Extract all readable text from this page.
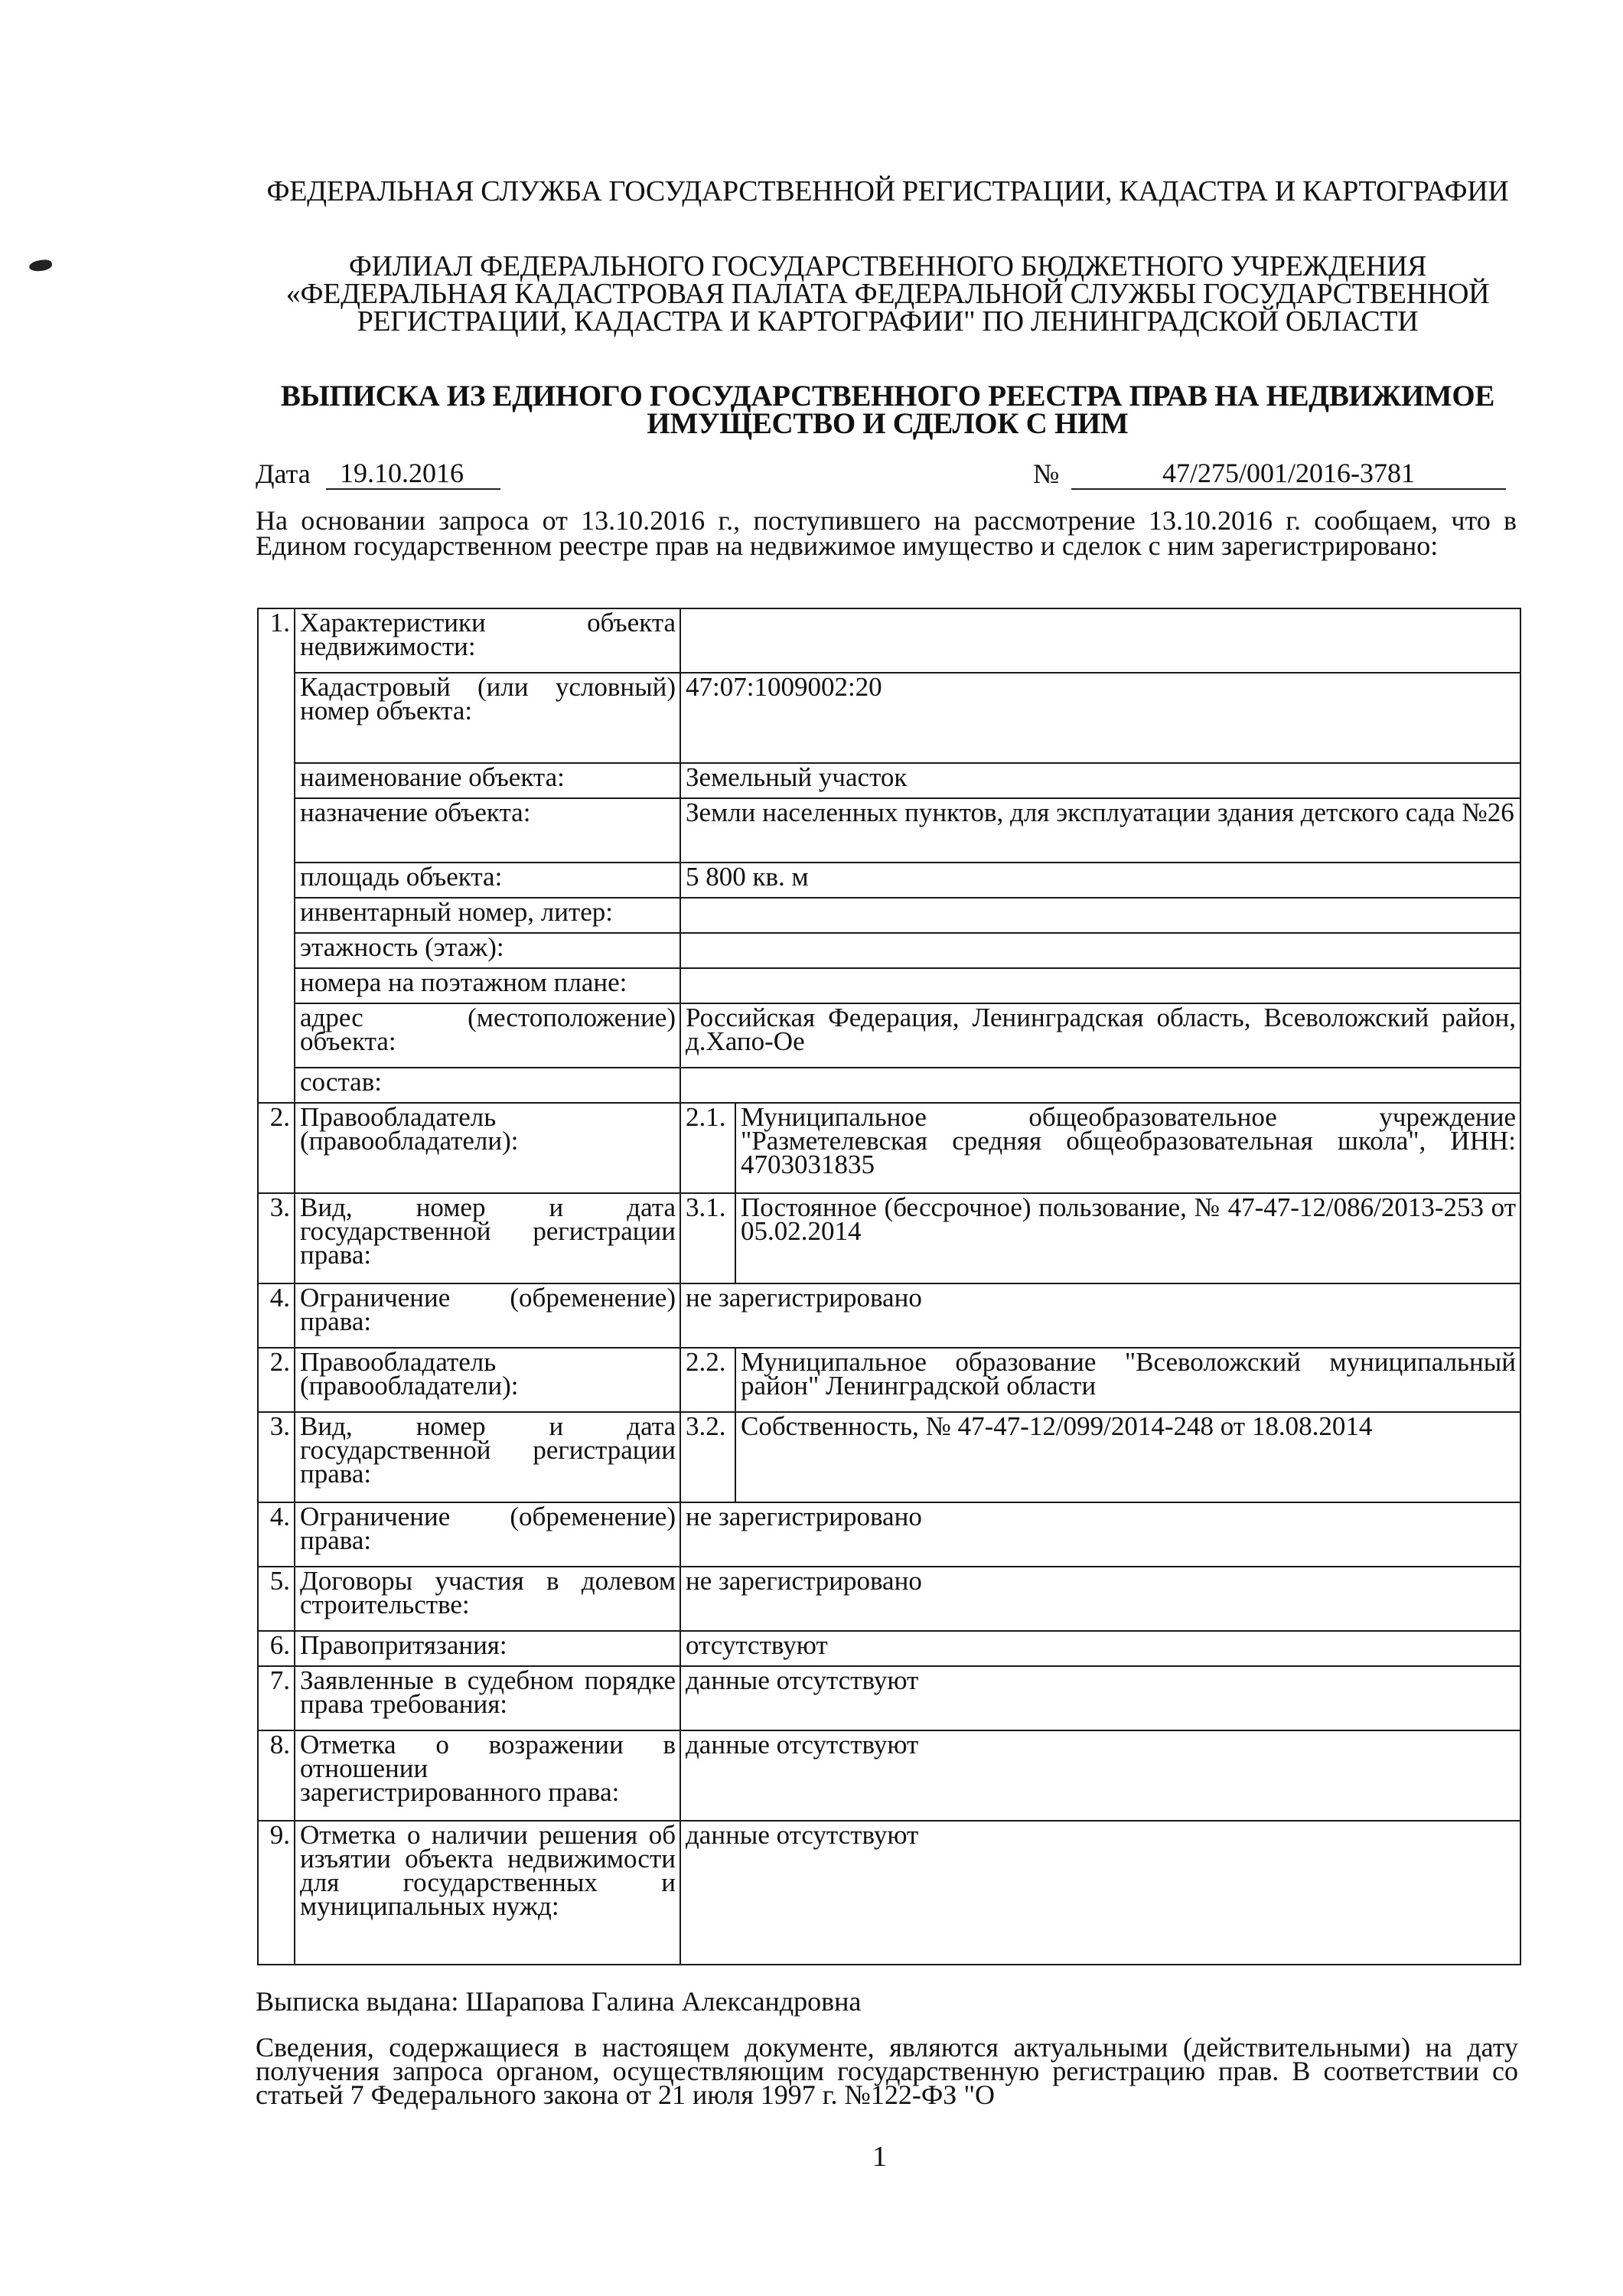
ФЕДЕРАЛЬНАЯ СЛУЖБА ГОСУДАРСТВЕННОЙ РЕГИСТРАЦИИ, КАДАСТРА И КАРТОГРАФИИ
ФИЛИАЛ ФЕДЕРАЛЬНОГО ГОСУДАРСТВЕННОГО БЮДЖЕТНОГО УЧРЕЖДЕНИЯ «ФЕДЕРАЛЬНАЯ КАДАСТРОВАЯ ПАЛАТА ФЕДЕРАЛЬНОЙ СЛУЖБЫ ГОСУДАРСТВЕННОЙ РЕГИСТРАЦИИ, КАДАСТРА И КАРТОГРАФИИ" ПО ЛЕНИНГРАДСКОЙ ОБЛАСТИ
ВЫПИСКА ИЗ ЕДИНОГО ГОСУДАРСТВЕННОГО РЕЕСТРА ПРАВ НА НЕДВИЖИМОЕ ИМУЩЕСТВО И СДЕЛОК С НИМ
Дата	19.10.2016	№	47/275/001/2016-3781
На основании запроса от 13.10.2016 г., поступившего на рассмотрение 13.10.2016 г. сообщаем, что в Едином государственном реестре прав на недвижимое имущество и сделок с ним зарегистрировано:
1.	Характеристики объекта недвижимости:		
	Кадастровый (или условный) номер объекта:	47:07:1009002:20	
	наименование объекта:	Земельный участок	
	назначение объекта:	Земли населенных пунктов, для эксплуатации здания детского сада №26	
	площадь объекта:	5 800 кв. м	
	инвентарный номер, литер:		
	этажность (этаж):		
	номера на поэтажном плане:		
	адрес (местоположение) объекта:	Российская Федерация, Ленинградская область, Всеволожский район, д.Хапо-Ое	
	состав:		
2.	Правообладатель (правообладатели):	2.1.	Муниципальное общеобразовательное учреждение "Разметелевская средняя общеобразовательная школа", ИНН: 4703031835
3.	Вид, номер и дата государственной регистрации права:	3.1.	Постоянное (бессрочное) пользование, № 47-47-12/086/2013-253 от 05.02.2014
4.	Ограничение (обременение) права:	не зарегистрировано	
2.	Правообладатель (правообладатели):	2.2.	Муниципальное образование "Всеволожский муниципальный район" Ленинградской области
3.	Вид, номер и дата государственной регистрации права:	3.2.	Собственность, № 47-47-12/099/2014-248 от 18.08.2014
4.	Ограничение (обременение) права:	не зарегистрировано	
5.	Договоры участия в долевом строительстве:	не зарегистрировано	
6.	Правопритязания:	отсутствуют	
7.	Заявленные в судебном порядке права требования:	данные отсутствуют	
8.	Отметка о возражении в отношении зарегистрированного права:	данные отсутствуют	
9.	Отметка о наличии решения об изъятии объекта недвижимости для государственных и муниципальных нужд:	данные отсутствуют	
Выписка выдана: Шарапова Галина Александровна
Сведения, содержащиеся в настоящем документе, являются актуальными (действительными) на дату получения запроса органом, осуществляющим государственную регистрацию прав. В соответствии со статьей 7 Федерального закона от 21 июля 1997 г. №122-ФЗ "О
1
